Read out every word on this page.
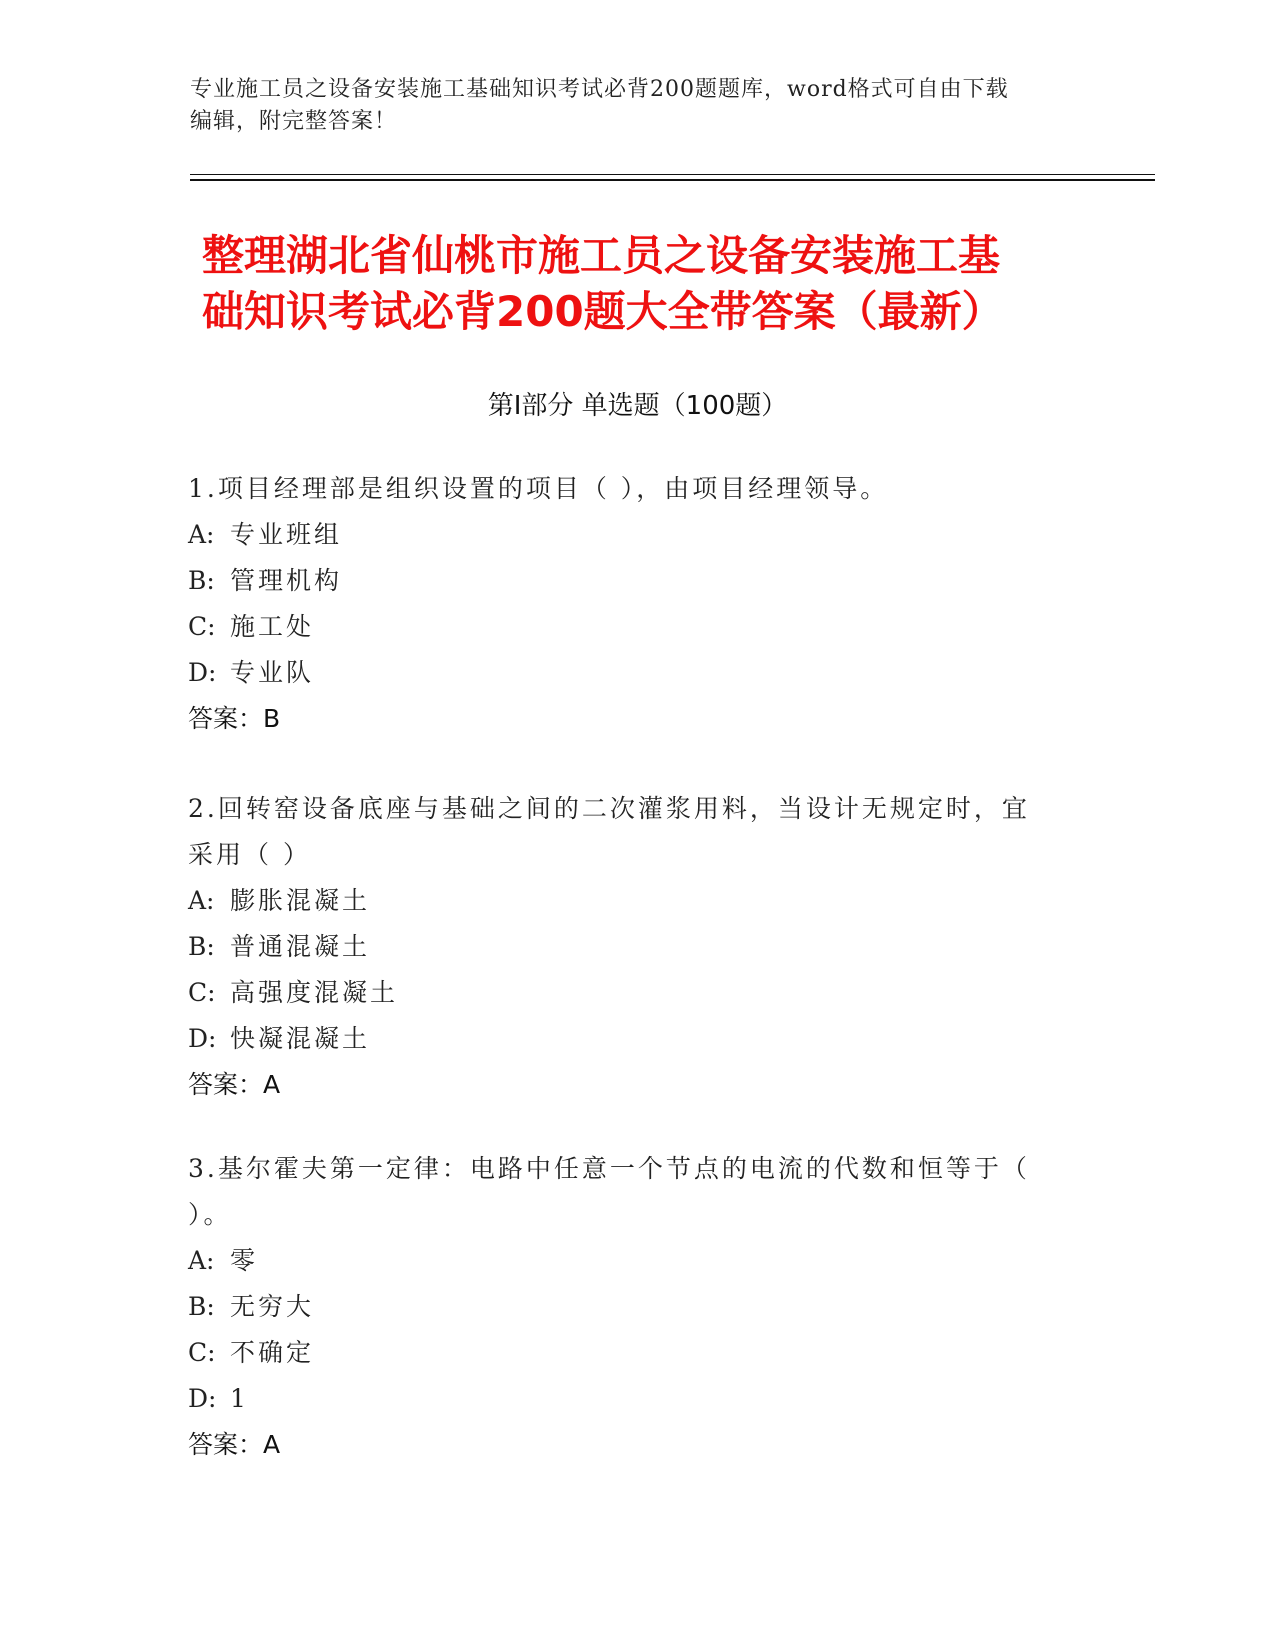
专业施工员之设备安装施工基础知识考试必背200题题库，word格式可自由下载
编辑，附完整答案！
整理湖北省仙桃市施工员之设备安装施工基
础知识考试必背200题大全带答案（最新）
第I部分 单选题（100题）
1.项目经理部是组织设置的项目（ ），由项目经理领导。
A: 专业班组
B: 管理机构
C: 施工处
D: 专业队
答案：B
2.回转窑设备底座与基础之间的二次灌浆用料，当设计无规定时，宜
采用（ ）
A: 膨胀混凝土
B: 普通混凝土
C: 高强度混凝土
D: 快凝混凝土
答案：A
3.基尔霍夫第一定律：电路中任意一个节点的电流的代数和恒等于（
）。
A: 零
B: 无穷大
C: 不确定
D: 1
答案：A
